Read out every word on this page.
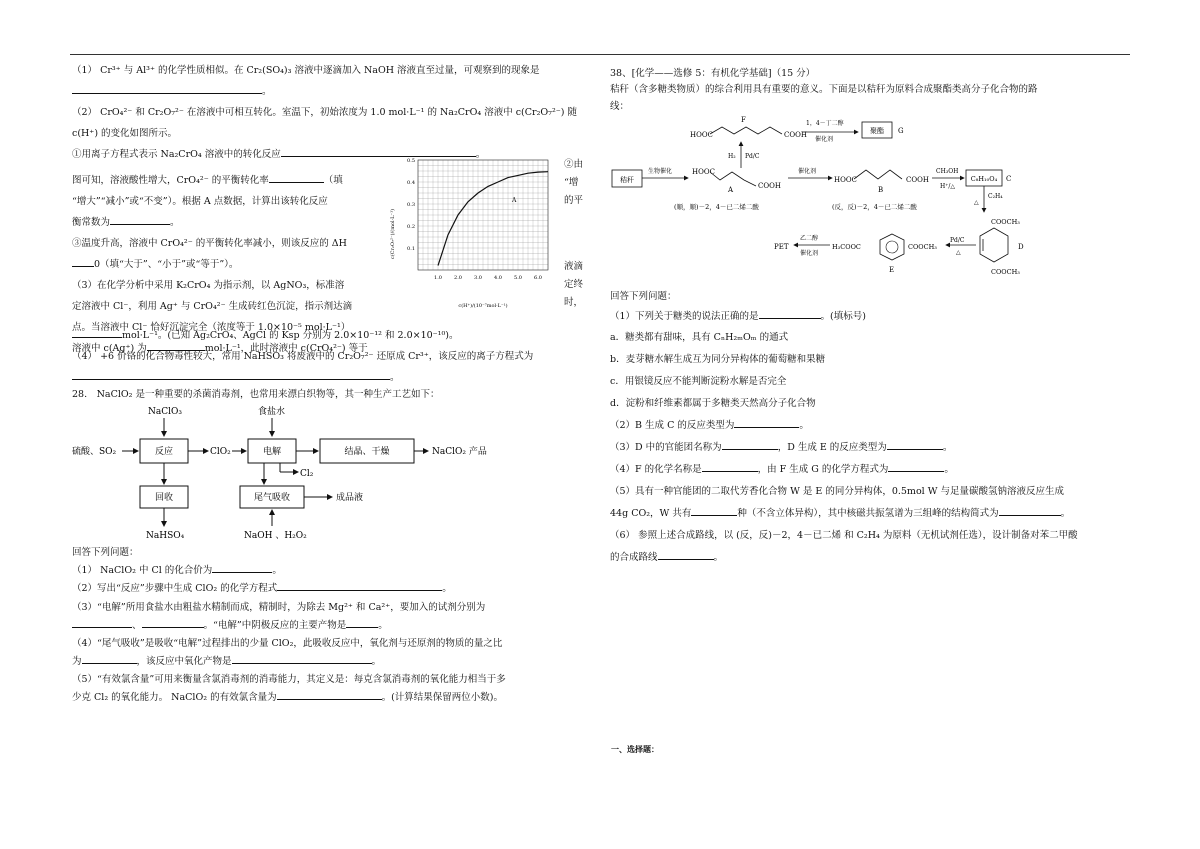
（1） Cr³⁺ 与 Al³⁺ 的化学性质相似。在 Cr₂(SO₄)₃ 溶液中逐滴加入 NaOH 溶液直至过量，可观察到的现象是
。
（2） CrO₄²⁻ 和 Cr₂O₇²⁻ 在溶液中可相互转化。室温下，初始浓度为 1.0 mol·L⁻¹ 的 Na₂CrO₄ 溶液中 c(Cr₂O₇²⁻) 随
c(H⁺) 的变化如图所示。
①用离子方程式表示 Na₂CrO₄ 溶液中的转化反应	。
图可知，溶液酸性增大，CrO₄²⁻ 的平衡转化率	（填
“增大”“减小”或“不变”）。根据 A 点数据，计算出该转化反应
衡常数为	。
③温度升高，溶液中 CrO₄²⁻ 的平衡转化率减小，则该反应的 ΔH
0（填“大于”、“小于”或“等于”）。
（3）在化学分析中采用 K₂CrO₄ 为指示剂，以 AgNO₃，标准溶
定溶液中 Cl⁻，利用 Ag⁺ 与 CrO₄²⁻ 生成砖红色沉淀，指示剂达滴
点。当溶液中 Cl⁻ 恰好沉淀完全（浓度等于 1.0×10⁻⁵ mol·L⁻¹）
溶液中 c(Ag⁺) 为	mol·L⁻¹，此时溶液中 c(CrO₄²⁻) 等于
②由
“增
的平
液滴
定终
时，
mol·L⁻¹。(已知 Ag₂CrO₄、AgCl 的 Ksp 分别为 2.0×10⁻¹² 和 2.0×10⁻¹⁰)。
（4） +6 价铬的化合物毒性较大，常用 NaHSO₃ 将废液中的 Cr₂O₇²⁻ 还原成 Cr³⁺，该反应的离子方程式为
。
28.　NaClO₂ 是一种重要的杀菌消毒剂，也常用来漂白织物等，其一种生产工艺如下：
1.0 2.0 3.0 4.0 5.0 6.0
0.1
0.2
0.3
0.4
0.5
c(Cr₂O₇²⁻)/(mol·L⁻¹)
c(H⁺)/(10⁻⁷mol·L⁻¹)
A
NaClO₃	食盐水
硫酸、SO₂	反应	ClO₂	电解	结晶、干燥	NaClO₂ 产品
Cl₂
回收	尾气吸收	成品液
NaHSO₄	NaOH 、H₂O₂
回答下列问题：
（1） NaClO₂ 中 Cl 的化合价为	。
（2）写出“反应”步骤中生成 ClO₂ 的化学方程式	。
（3）“电解”所用食盐水由粗盐水精制而成，精制时，为除去 Mg²⁺ 和 Ca²⁺，要加入的试剂分别为
、	。“电解”中阴极反应的主要产物是	。
（4）“尾气吸收”是吸收“电解”过程排出的少量 ClO₂，此吸收反应中，氧化剂与还原剂的物质的量之比
为	，该反应中氧化产物是	。
（5）“有效氯含量”可用来衡量含氯消毒剂的消毒能力，其定义是：每克含氯消毒剂的氧化能力相当于多
少克 Cl₂ 的氧化能力。 NaClO₂ 的有效氯含量为	。(计算结果保留两位小数)。
38、[化学——选修 5：有机化学基础]（15 分）
秸秆（含多糖类物质）的综合利用具有重要的意义。下面是以秸秆为原料合成聚酯类高分子化合物的路
线：
F
HOOC	COOH
1，4－丁二醇
催化剂
聚酯 G
H₂ Pd/C
秸秆
生物催化	HOOC
A	COOH
(顺，顺)－2，4－已二烯二酸
催化剂
HOOC
B
COOH
(反，反)－2，4－已二烯二酸
CH₃OH
H⁺/△
C₈H₁₀O₄ C
C₂H₄
△
COOCH₃
D
COOCH₃
Pd/C
△
H₃COOC	COOCH₃
E
乙二醇
催化剂
PET
回答下列问题：
（1）下列关于糖类的说法正确的是	。(填标号)
a．糖类都有甜味，具有 CₙH₂ₘOₘ 的通式
b．麦芽糖水解生成互为同分异构体的葡萄糖和果糖
c．用银镜反应不能判断淀粉水解是否完全
d．淀粉和纤维素都属于多糖类天然高分子化合物
（2）B 生成 C 的反应类型为	。
（3）D 中的官能团名称为	，D 生成 E 的反应类型为	。
（4）F 的化学名称是	，由 F 生成 G 的化学方程式为	。
（5）具有一种官能团的二取代芳香化合物 W 是 E 的同分异构体，0.5mol W 与足量碳酸氢钠溶液反应生成
44g CO₂，W 共有	种（不含立体异构），其中核磁共振氢谱为三组峰的结构简式为	。
（6） 参照上述合成路线，以 (反，反)－2，4－已二烯 和 C₂H₄ 为原料（无机试剂任选），设计制备对苯二甲酸
的合成路线	。
一、选择题：
